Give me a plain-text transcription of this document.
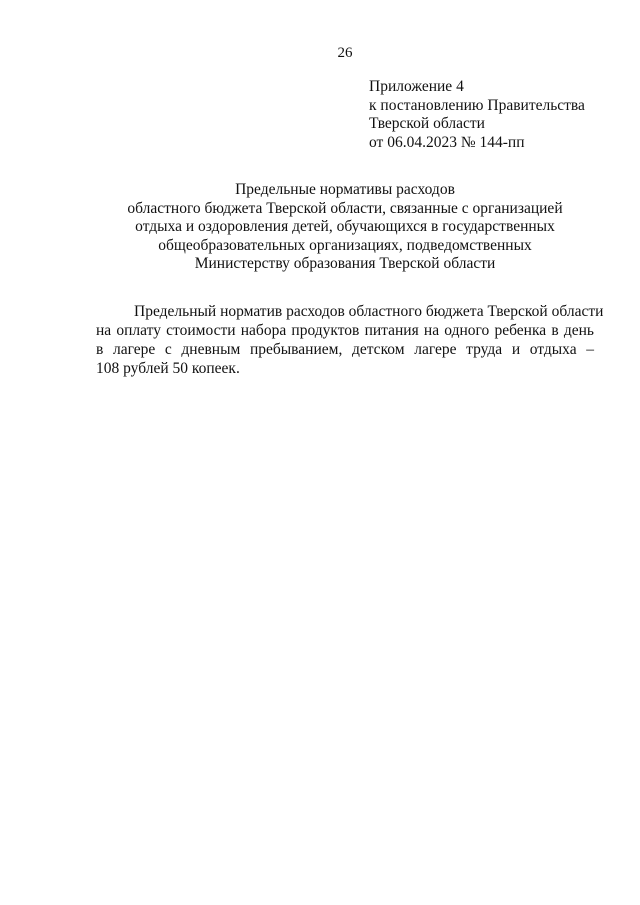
26
Приложение 4
к постановлению Правительства
Тверской области
от 06.04.2023 № 144-пп
Предельные нормативы расходов
областного бюджета Тверской области, связанные с организацией
отдыха и оздоровления детей, обучающихся в государственных
общеобразовательных организациях, подведомственных
Министерству образования Тверской области
Предельный норматив расходов областного бюджета Тверской области
на оплату стоимости набора продуктов питания на одного ребенка в день
в лагере с дневным пребыванием, детском лагере труда и отдыха –
108 рублей 50 копеек.
